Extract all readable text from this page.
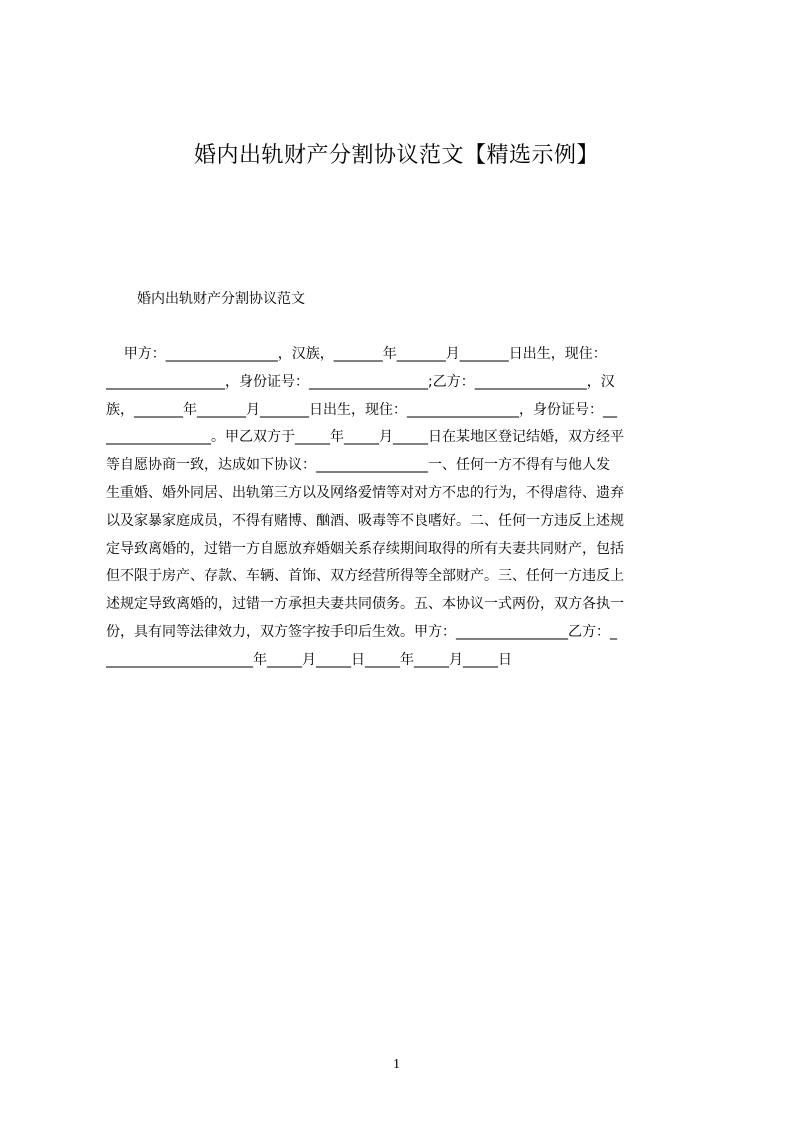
婚内出轨财产分割协议范文【精选示例】
婚内出轨财产分割协议范文
甲方：________________，汉族，_______年_______月_______日出生，现住：
_________________，身份证号：_________________;乙方：________________，汉
族，_______年_______月_______日出生，现住：________________，身份证号：__
_______________。甲乙双方于_____年_____月_____日在某地区登记结婚，双方经平
等自愿协商一致，达成如下协议：________________一、任何一方不得有与他人发
生重婚、婚外同居、出轨第三方以及网络爱情等对对方不忠的行为，不得虐待、遗弃
以及家暴家庭成员，不得有赌博、酗酒、吸毒等不良嗜好。二、任何一方违反上述规
定导致离婚的，过错一方自愿放弃婚姻关系存续期间取得的所有夫妻共同财产，包括
但不限于房产、存款、车辆、首饰、双方经营所得等全部财产。三、任何一方违反上
述规定导致离婚的，过错一方承担夫妻共同债务。五、本协议一式两份，双方各执一
份，具有同等法律效力，双方签字按手印后生效。甲方：________________乙方：_
_____________________年_____月_____日_____年_____月_____日
1
